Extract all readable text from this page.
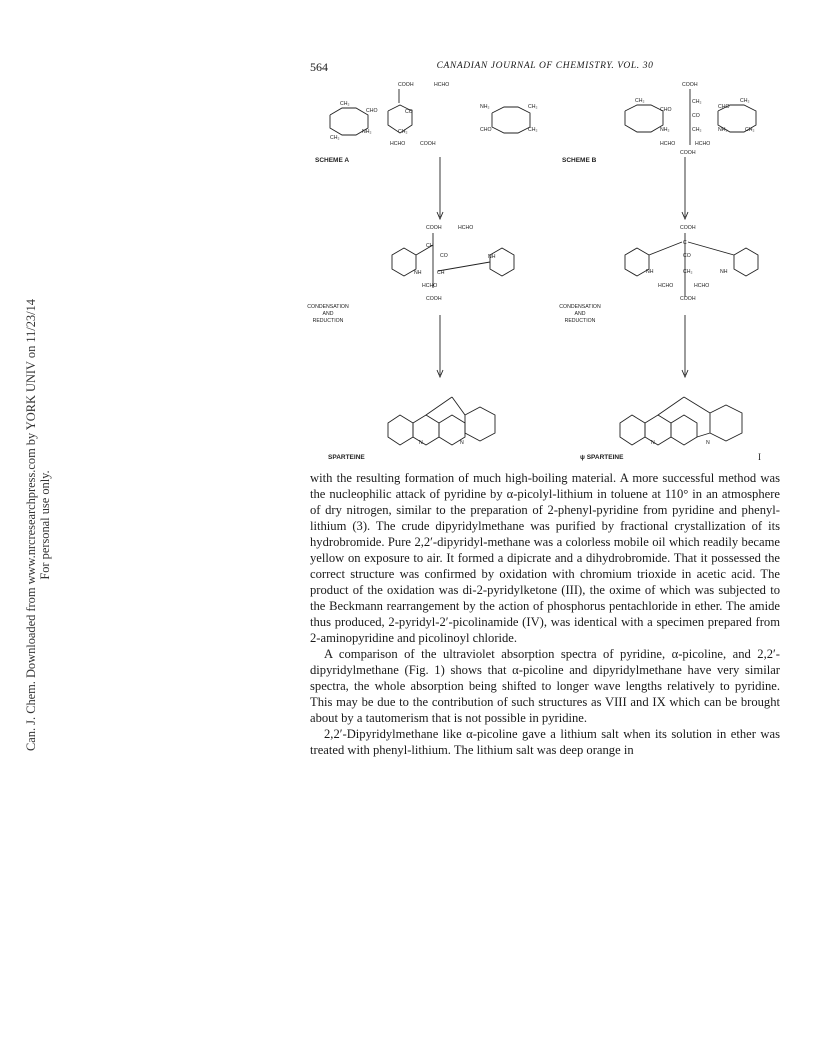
Can. J. Chem. Downloaded from www.nrcresearchpress.com by YORK UNIV on 11/23/14 For personal use only.
564	CANADIAN JOURNAL OF CHEMISTRY. VOL. 30
COOH	HCHO
CH₂
CHO
CH₂
NH₂
CO
CH₂
HCHO	COOH
NH₂
CHO
CH₂
CH₂
COOH
CH₂
CHO
NH₂
CH₂
CO
CH₂
HCHO	HCHO
COOH
CHO
CH₂
NH₂	CH₂
SCHEME A	SCHEME B
COOH	HCHO
CH
CO
NH	CH
NH
HCHO
COOH
COOH
C
CO
NH	CH₂	NH
HCHO	HCHO
COOH
CONDENSATION
AND
REDUCTION
CONDENSATION
AND
REDUCTION
N	N	N	N
SPARTEINE	ψ SPARTEINE	I

with the resulting formation of much high-boiling material. A more successful method was the nucleophilic attack of pyridine by α-picolyl-lithium in toluene at 110° in an atmosphere of dry nitrogen, similar to the preparation of 2-phenyl-pyridine from pyridine and phenyl-lithium (3). The crude dipyridylmethane was purified by fractional crystallization of its hydrobromide. Pure 2,2′-dipyridyl-methane was a colorless mobile oil which readily became yellow on exposure to air. It formed a dipicrate and a dihydrobromide. That it possessed the correct structure was confirmed by oxidation with chromium trioxide in acetic acid. The product of the oxidation was di-2-pyridylketone (III), the oxime of which was subjected to the Beckmann rearrangement by the action of phosphorus pentachloride in ether. The amide thus produced, 2-pyridyl-2′-picolinamide (IV), was identical with a specimen prepared from 2-aminopyridine and picolinoyl chloride.

A comparison of the ultraviolet absorption spectra of pyridine, α-picoline, and 2,2′-dipyridylmethane (Fig. 1) shows that α-picoline and dipyridylmethane have very similar spectra, the whole absorption being shifted to longer wave lengths relatively to pyridine. This may be due to the contribution of such structures as VIII and IX which can be brought about by a tautomerism that is not possible in pyridine.

2,2′-Dipyridylmethane like α-picoline gave a lithium salt when its solution in ether was treated with phenyl-lithium. The lithium salt was deep orange in
